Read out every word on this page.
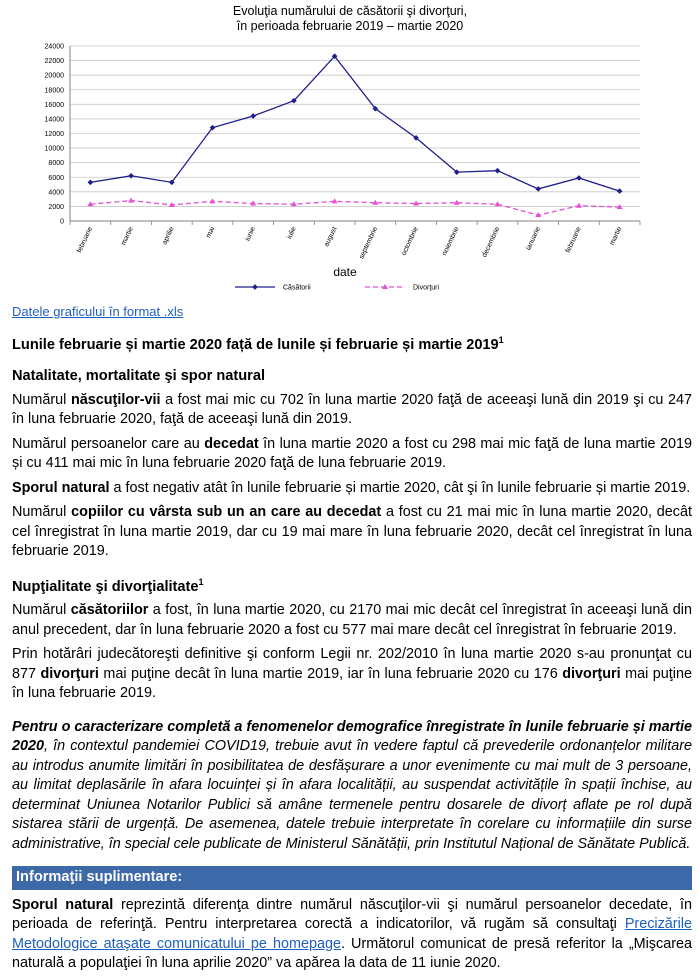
Evoluţia numărului de căsătorii şi divorţuri,
în perioada februarie 2019 – martie 2020
0
2000
4000
6000
8000
10000
12000
14000
16000
18000
20000
22000
24000
februarie	martie	aprilie	mai	iunie	iulie	august	septembrie	octombrie	noiembrie	decembrie	ianuarie	februarie	martie
date
Căsătorii	Divorţuri
Datele graficului în format .xls
Lunile februarie și martie 2020 față de lunile și februarie și martie 2019$^1$
Natalitate, mortalitate şi spor natural

Numărul născuţilor-vii a fost mai mic cu 702 în luna martie 2020 faţă de aceeaşi lună din 2019 şi cu 247 în luna februarie 2020, faţă de aceeaşi lună din 2019.

Numărul persoanelor care au decedat în luna martie 2020 a fost cu 298 mai mic faţă de luna martie 2019 și cu 411 mai mic în luna februarie 2020 faţă de luna februarie 2019.

Sporul natural a fost negativ atât în lunile februarie și martie 2020, cât şi în lunile februarie și martie 2019.

Numărul copiilor cu vârsta sub un an care au decedat a fost cu 21 mai mic în luna martie 2020, decât cel înregistrat în luna martie 2019, dar cu 19 mai mare în luna februarie 2020, decât cel înregistrat în luna februarie 2019.

Nupţialitate şi divorţialitate$^1$

Numărul căsătoriilor a fost, în luna martie 2020, cu 2170 mai mic decât cel înregistrat în aceeaşi lună din anul precedent, dar în luna februarie 2020 a fost cu 577 mai mare decât cel înregistrat în februarie 2019.

Prin hotărâri judecătoreşti definitive şi conform Legii nr. 202/2010 în luna martie 2020 s-au pronunţat cu 877 divorţuri mai puţine decât în luna martie 2019, iar în luna februarie 2020 cu 176 divorţuri mai puţine în luna februarie 2019.

Pentru o caracterizare completă a fenomenelor demografice înregistrate în lunile februarie și martie 2020, în contextul pandemiei COVID19, trebuie avut în vedere faptul că prevederile ordonanțelor militare au introdus anumite limitări în posibilitatea de desfășurare a unor evenimente cu mai mult de 3 persoane, au limitat deplasările în afara locuinței și în afara localității, au suspendat activitățile în spații închise, au determinat Uniunea Notarilor Publici să amâne termenele pentru dosarele de divorț aflate pe rol după sistarea stării de urgență. De asemenea, datele trebuie interpretate în corelare cu informațiile din surse administrative, în special cele publicate de Ministerul Sănătății, prin Institutul Național de Sănătate Publică.

Informaţii suplimentare:

Sporul natural reprezintă diferenţa dintre numărul născuţilor-vii şi numărul persoanelor decedate, în perioada de referinţă. Pentru interpretarea corectă a indicatorilor, vă rugăm să consultaţi Precizările Metodologice ataşate comunicatului pe homepage. Următorul comunicat de presă referitor la „Mişcarea naturală a populaţiei în luna aprilie 2020” va apărea la data de 11 iunie 2020.
